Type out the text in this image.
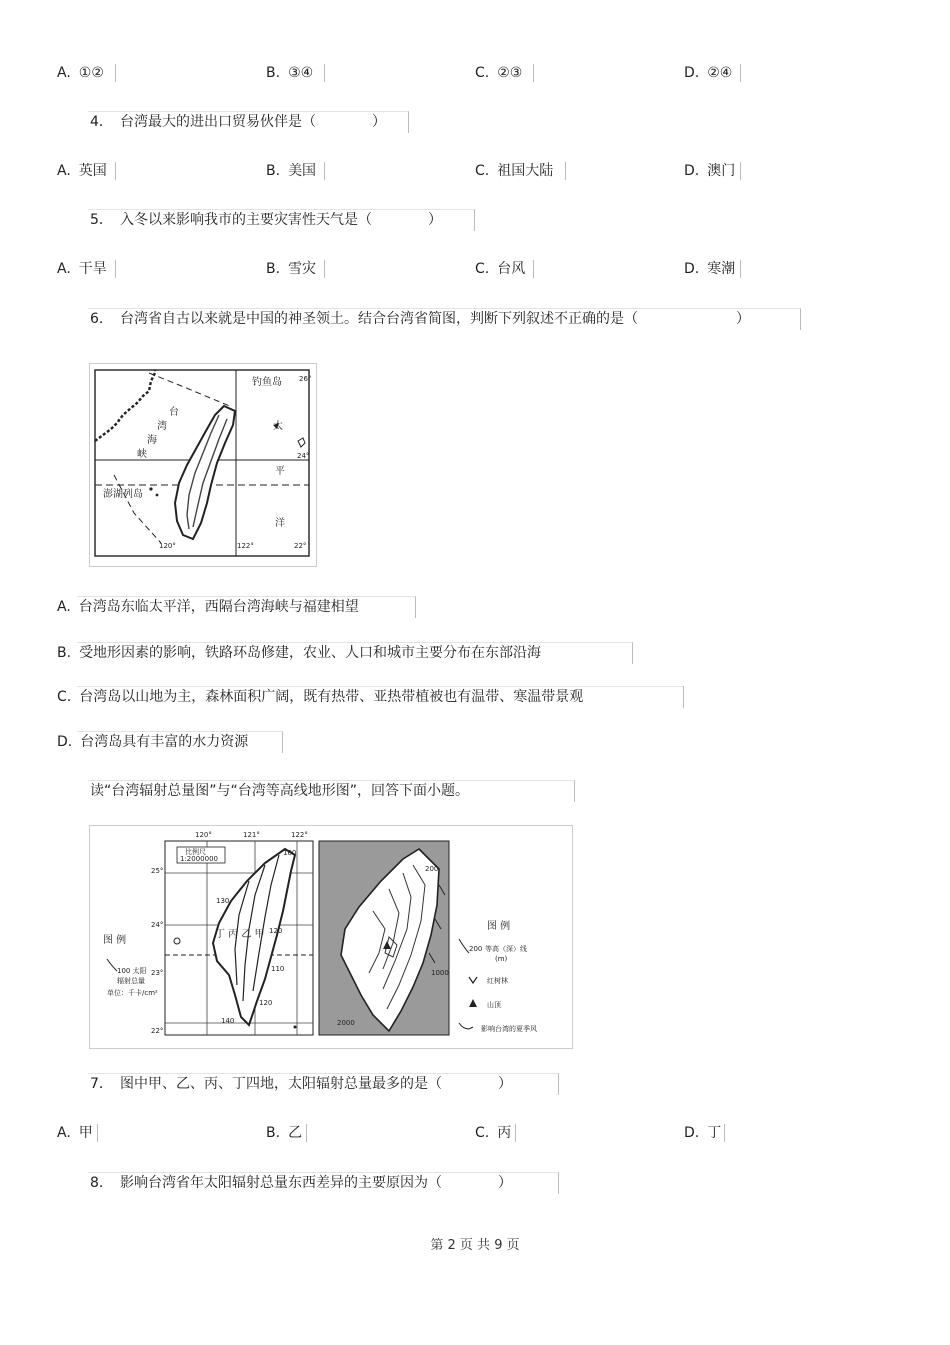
A. ①②	B. ③④	C. ②③	D. ②④
4． 台湾最大的进出口贸易伙伴是（　　　　）
A. 英国	B. 美国	C. 祖国大陆	D. 澳门
5． 入冬以来影响我市的主要灾害性天气是（　　　　）
A. 干旱	B. 雪灾	C. 台风	D. 寒潮
6． 台湾省自古以来就是中国的神圣领土。结合台湾省简图，判断下列叙述不正确的是（　　　　　　　）
钓鱼岛 26°
太
平
洋
24°
澎湖列岛
120°	122°	22°
台
湾
海
峡
A. 台湾岛东临太平洋，西隔台湾海峡与福建相望
B. 受地形因素的影响，铁路环岛修建，农业、人口和城市主要分布在东部沿海
C. 台湾岛以山地为主，森林面积广阔，既有热带、亚热带植被也有温带、寒温带景观
D. 台湾岛具有丰富的水力资源
读“台湾辐射总量图”与“台湾等高线地形图”，回答下面小题。
比例尺
1:2000000
120°	121°	122°
25°
24°
23°
22°
丁 丙 乙 甲
130
120
110
140
100
120
图 例
100 太阳
辐射总量
单位：千卡/cm²
2000
1000
200
图 例
200 等高（深）线
(m)
红树林
山顶
影响台湾的夏季风
7． 图中甲、乙、丙、丁四地，太阳辐射总量最多的是（　　　　）
A. 甲	B. 乙	C. 丙	D. 丁
8． 影响台湾省年太阳辐射总量东西差异的主要原因为（　　　　）
第 2 页 共 9 页
